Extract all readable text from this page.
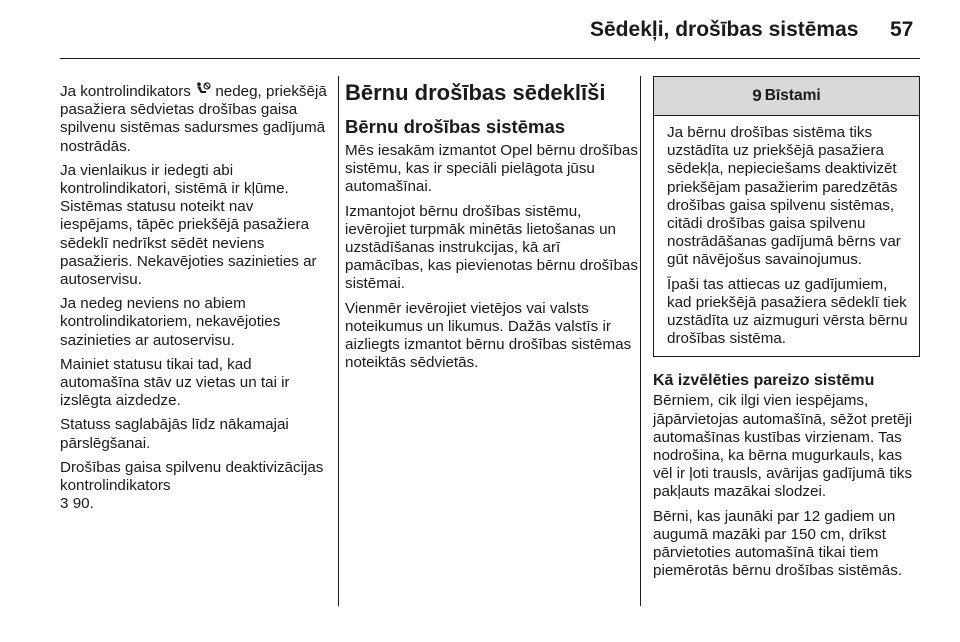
Sēdekļi, drošības sistēmas 57

Ja kontrolindikators nedeg, priekšējā pasažiera sēdvietas drošības gaisa spilvenu sistēmas sadursmes gadījumā nostrādās.

Ja vienlaikus ir iedegti abi kontrolindikatori, sistēmā ir kļūme. Sistēmas statusu noteikt nav iespējams, tāpēc priekšējā pasažiera sēdeklī nedrīkst sēdēt neviens pasažieris. Nekavējoties sazinieties ar autoservisu.

Ja nedeg neviens no abiem kontrolindikatoriem, nekavējoties sazinieties ar autoservisu.

Mainiet statusu tikai tad, kad automašīna stāv uz vietas un tai ir izslēgta aizdedze.

Statuss saglabājās līdz nākamajai pārslēgšanai.

Drošības gaisa spilvenu deaktivizācijas kontrolindikators
3 90.

Bērnu drošības sēdeklīši
Bērnu drošības sistēmas

Mēs iesakām izmantot Opel bērnu drošības sistēmu, kas ir speciāli pielāgota jūsu automašīnai.

Izmantojot bērnu drošības sistēmu, ievērojiet turpmāk minētās lietošanas un uzstādīšanas instrukcijas, kā arī pamācības, kas pievienotas bērnu drošības sistēmai.

Vienmēr ievērojiet vietējos vai valsts noteikumus un likumus. Dažās valstīs ir aizliegts izmantot bērnu drošības sistēmas noteiktās sēdvietās.

9 Bīstami

Ja bērnu drošības sistēma tiks uzstādīta uz priekšējā pasažiera sēdekļa, nepieciešams deaktivizēt priekšējam pasažierim paredzētās drošības gaisa spilvenu sistēmas, citādi drošības gaisa spilvenu nostrādāšanas gadījumā bērns var gūt nāvējošus savainojumus.

Īpaši tas attiecas uz gadījumiem, kad priekšējā pasažiera sēdeklī tiek uzstādīta uz aizmuguri vērsta bērnu drošības sistēma.

Kā izvēlēties pareizo sistēmu

Bērniem, cik ilgi vien iespējams, jāpārvietojas automašīnā, sēžot pretēji automašīnas kustības virzienam. Tas nodrošina, ka bērna mugurkauls, kas vēl ir ļoti trausls, avārijas gadījumā tiks pakļauts mazākai slodzei.

Bērni, kas jaunāki par 12 gadiem un augumā mazāki par 150 cm, drīkst pārvietoties automašīnā tikai tiem piemērotās bērnu drošības sistēmās.
